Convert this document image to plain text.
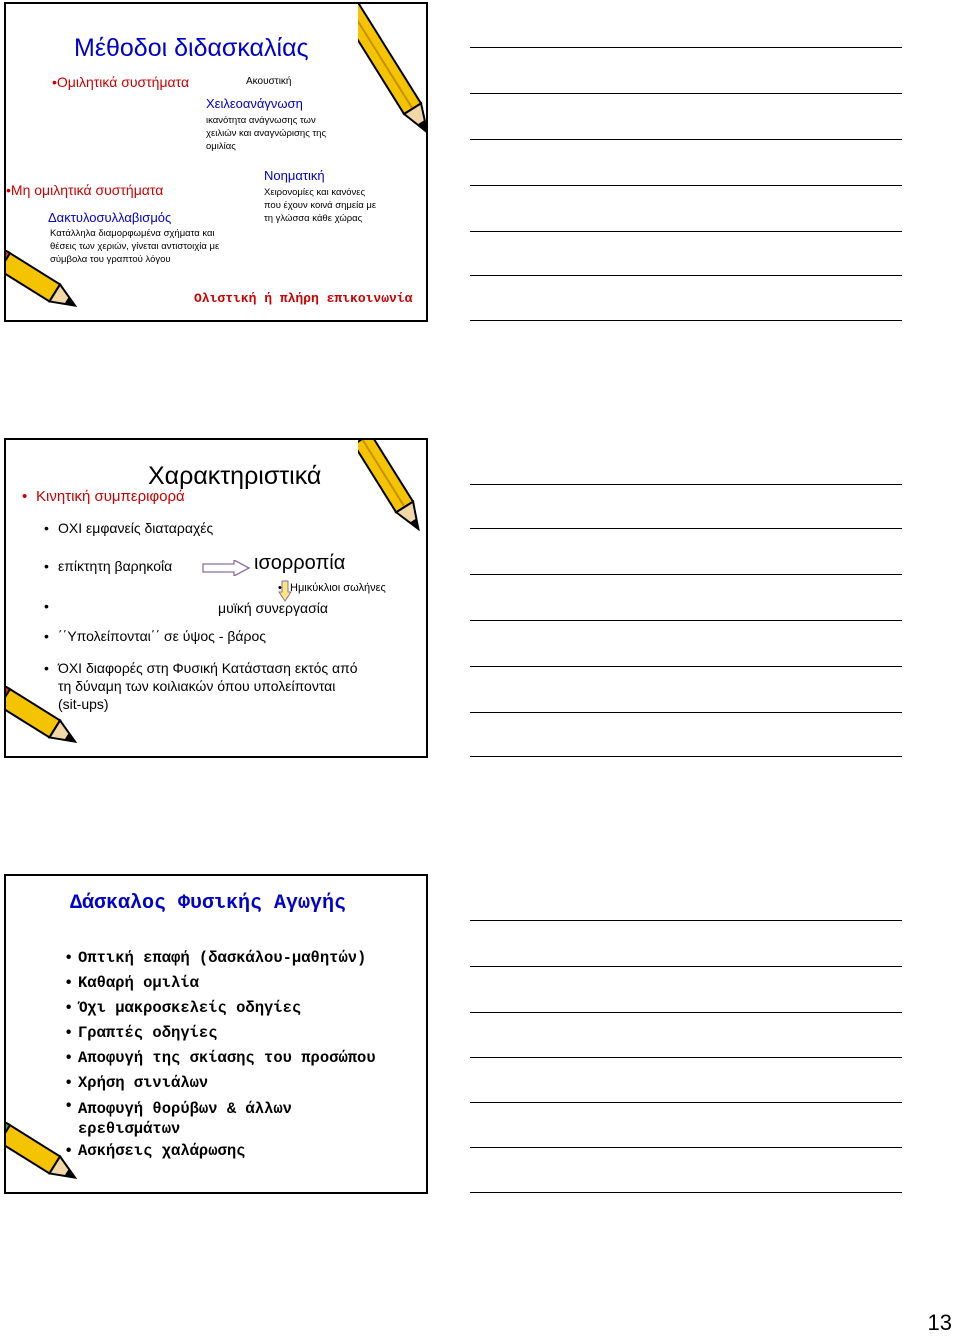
Μέθοδοι διδασκαλίας
•Ομιλητικά συστήματα	Ακουστική
Χειλεοανάγνωση
ικανότητα ανάγνωσης των
χειλιών και αναγνώρισης της
ομιλίας
•Μη ομιλητικά συστήματα
Νοηματική
Χειρονομίες και κανόνες
που έχουν κοινά σημεία με
τη γλώσσα κάθε χώρας
Δακτυλοσυλλαβισμός
Κατάλληλα διαμορφωμένα σχήματα και
θέσεις των χεριών, γίνεται αντιστοιχία με
σύμβολα του γραπτού λόγου
Ολιστική ή πλήρη επικοινωνία
Χαρακτηριστικά
• Κινητική συμπεριφορά
• ΟΧΙ εμφανείς διαταραχές
• επίκτητη βαρηκοΐα	ισορροπία
• Ημικύκλιοι σωλήνες
•	μυϊκή συνεργασία
• ΄΄Υπολείπονται΄΄ σε ύψος - βάρος
• ΌΧΙ διαφορές στη Φυσική Κατάσταση εκτός από
τη δύναμη των κοιλιακών όπου υπολείπονται
(sit-ups)
Δάσκαλος Φυσικής Αγωγής
• Οπτική επαφή (δασκάλου-μαθητών)
• Καθαρή ομιλία
• Όχι μακροσκελείς οδηγίες
• Γραπτές οδηγίες
• Αποφυγή της σκίασης του προσώπου
• Χρήση σινιάλων
• Αποφυγή θορύβων & άλλων
ερεθισμάτων
• Ασκήσεις χαλάρωσης
13
